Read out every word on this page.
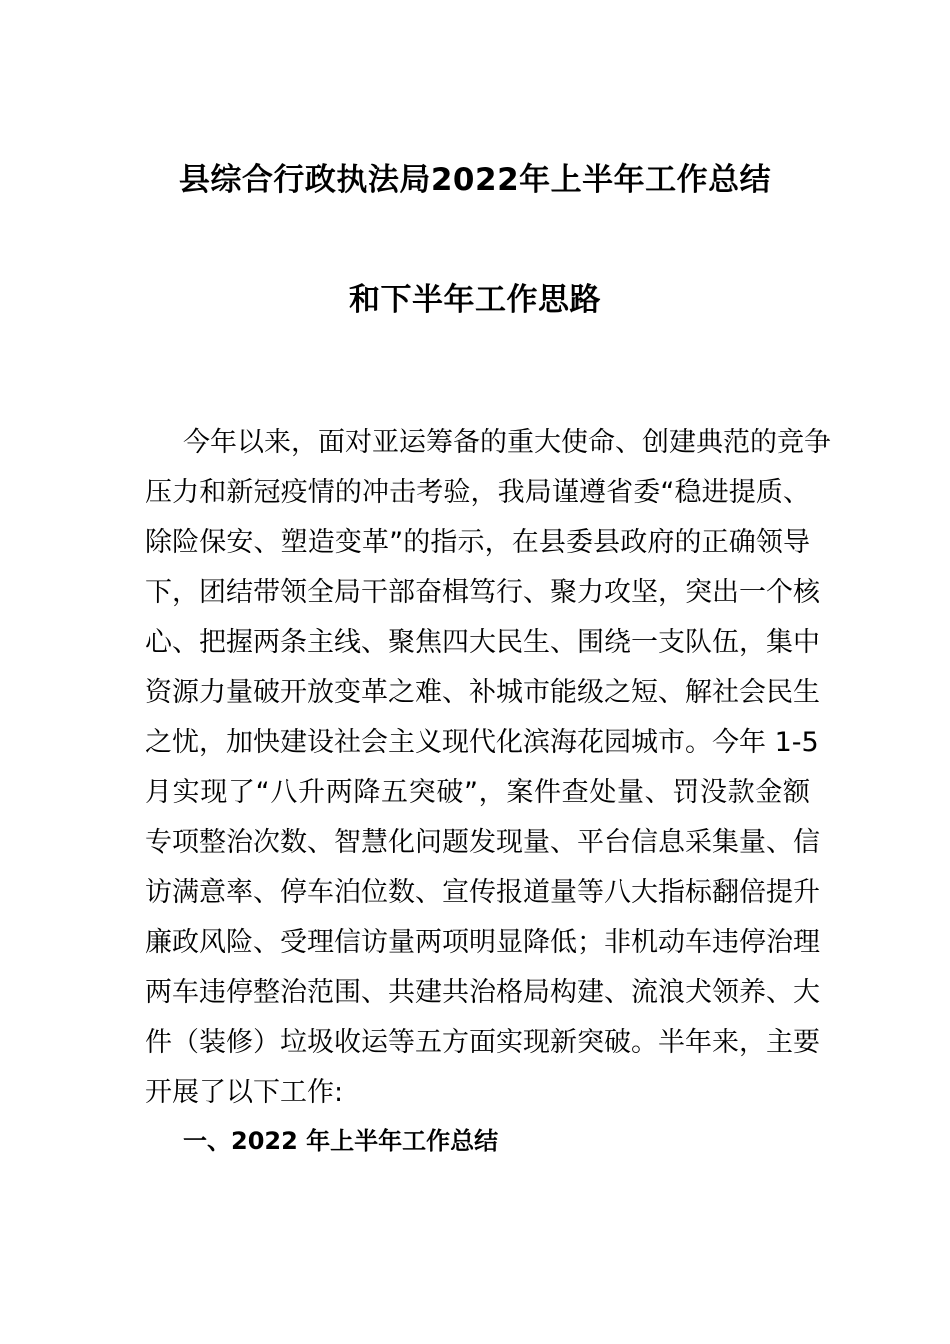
县综合行政执法局2022年上半年工作总结
和下半年工作思路
今年以来，面对亚运筹备的重大使命、创建典范的竞争
压力和新冠疫情的冲击考验，我局谨遵省委“稳进提质、
除险保安、塑造变革”的指示，在县委县政府的正确领导
下，团结带领全局干部奋楫笃行、聚力攻坚，突出一个核
心、把握两条主线、聚焦四大民生、围绕一支队伍，集中
资源力量破开放变革之难、补城市能级之短、解社会民生
之忧，加快建设社会主义现代化滨海花园城市。今年 1-5
月实现了“八升两降五突破”，案件查处量、罚没款金额
专项整治次数、智慧化问题发现量、平台信息采集量、信
访满意率、停车泊位数、宣传报道量等八大指标翻倍提升
廉政风险、受理信访量两项明显降低；非机动车违停治理
两车违停整治范围、共建共治格局构建、流浪犬领养、大
件（装修）垃圾收运等五方面实现新突破。半年来，主要
开展了以下工作:
一、2022 年上半年工作总结
